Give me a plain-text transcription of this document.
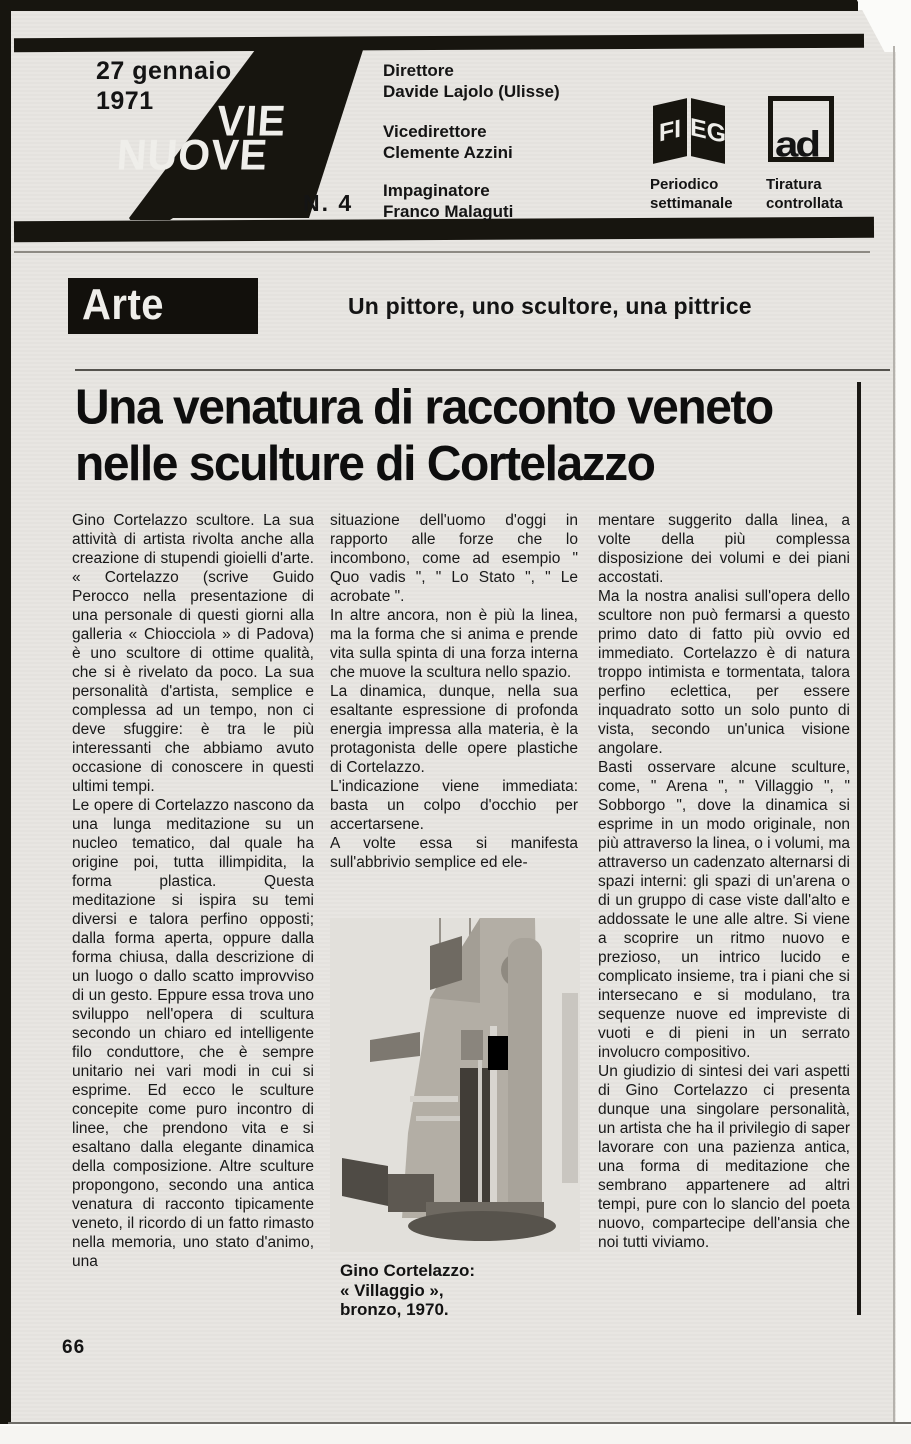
27 gennaio
1971	VIE
NUOVE
N. 4
Direttore
Davide Lajolo (Ulisse)
Vicedirettore
Clemente Azzini
Impaginatore
Franco Malaguti
FI EG
Periodico
settimanale
ad
Tiratura
controllata
Arte	Un pittore, uno scultore, una pittrice
Una venatura di racconto veneto
nelle sculture di Cortelazzo

Gino Cortelazzo scultore. La sua attività di artista rivolta anche alla creazione di stupendi gioielli d'arte. « Cortelazzo (scrive Guido Perocco nella presentazione di una personale di questi giorni alla galleria « Chiocciola » di Padova) è uno scultore di ottime qualità, che si è rivelato da poco. La sua personalità d'artista, semplice e complessa ad un tempo, non ci deve sfuggire: è tra le più interessanti che abbiamo avuto occasione di conoscere in questi ultimi tempi.

Le opere di Cortelazzo nascono da una lunga meditazione su un nucleo tematico, dal quale ha origine poi, tutta illimpidita, la forma plastica. Questa meditazione si ispira su temi diversi e talora perfino opposti; dalla forma aperta, oppure dalla forma chiusa, dalla descrizione di un luogo o dallo scatto improvviso di un gesto. Eppure essa trova uno sviluppo nell'opera di scultura secondo un chiaro ed intelligente filo conduttore, che è sempre unitario nei vari modi in cui si esprime. Ed ecco le sculture concepite come puro incontro di linee, che prendono vita e si esaltano dalla elegante dinamica della composizione. Altre sculture propongono, secondo una antica venatura di racconto tipicamente veneto, il ricordo di un fatto rimasto nella memoria, uno stato d'animo, una

situazione dell'uomo d'oggi in rapporto alle forze che lo incombono, come ad esempio " Quo vadis ", " Lo Stato ", " Le acrobate ".

In altre ancora, non è più la linea, ma la forma che si anima e prende vita sulla spinta di una forza interna che muove la scultura nello spazio.

La dinamica, dunque, nella sua esaltante espressione di profonda energia impressa alla materia, è la protagonista delle opere plastiche di Cortelazzo.

L'indicazione viene immediata: basta un colpo d'occhio per accertarsene.

A volte essa si manifesta sull'abbrivio semplice ed ele-

mentare suggerito dalla linea, a volte della più complessa disposizione dei volumi e dei piani accostati.

Ma la nostra analisi sull'opera dello scultore non può fermarsi a questo primo dato di fatto più ovvio ed immediato. Cortelazzo è di natura troppo intimista e tormentata, talora perfino eclettica, per essere inquadrato sotto un solo punto di vista, secondo un'unica visione angolare.

Basti osservare alcune sculture, come, " Arena ", " Villaggio ", " Sobborgo ", dove la dinamica si esprime in un modo originale, non più attraverso la linea, o i volumi, ma attraverso un cadenzato alternarsi di spazi interni: gli spazi di un'arena o di un gruppo di case viste dall'alto e addossate le une alle altre. Si viene a scoprire un ritmo nuovo e prezioso, un intrico lucido e complicato insieme, tra i piani che si intersecano e si modulano, tra sequenze nuove ed impreviste di vuoti e di pieni in un serrato involucro compositivo.

Un giudizio di sintesi dei vari aspetti di Gino Cortelazzo ci presenta dunque una singolare personalità, un artista che ha il privilegio di saper lavorare con una pazienza antica, una forma di meditazione che sembrano appartenere ad altri tempi, pure con lo slancio del poeta nuovo, compartecipe dell'ansia che noi tutti viviamo.

Gino Cortelazzo:
« Villaggio »,
bronzo, 1970.
66
